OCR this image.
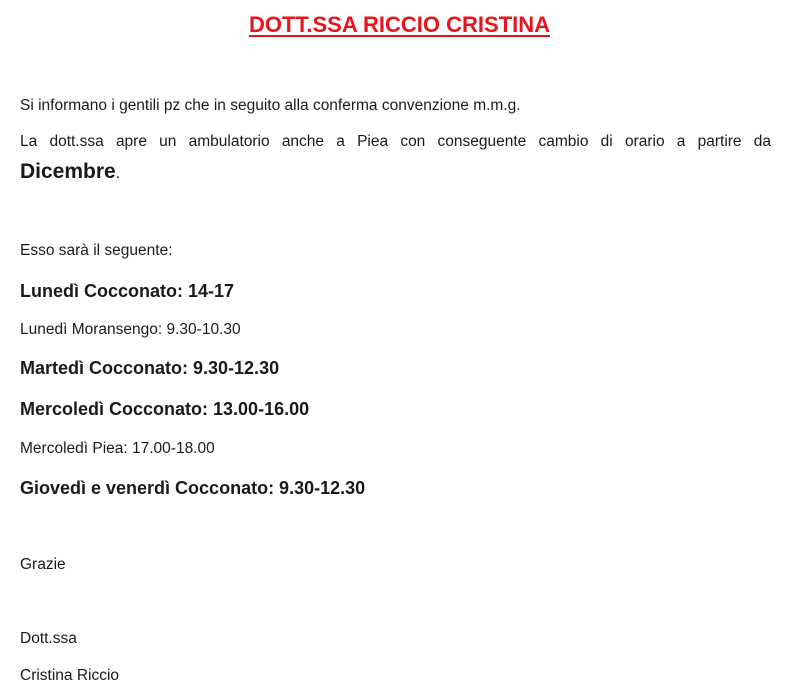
DOTT.SSA RICCIO CRISTINA
Si informano i gentili pz che in seguito alla conferma convenzione m.m.g.
La dott.ssa apre un ambulatorio anche a Piea con conseguente cambio di orario a partire da
Dicembre.
Esso sarà il seguente:
Lunedì Cocconato: 14-17
Lunedì Moransengo: 9.30-10.30
Martedì Cocconato: 9.30-12.30
Mercoledì Cocconato: 13.00-16.00
Mercoledì Piea: 17.00-18.00
Giovedì e venerdì Cocconato: 9.30-12.30
Grazie
Dott.ssa
Cristina Riccio
